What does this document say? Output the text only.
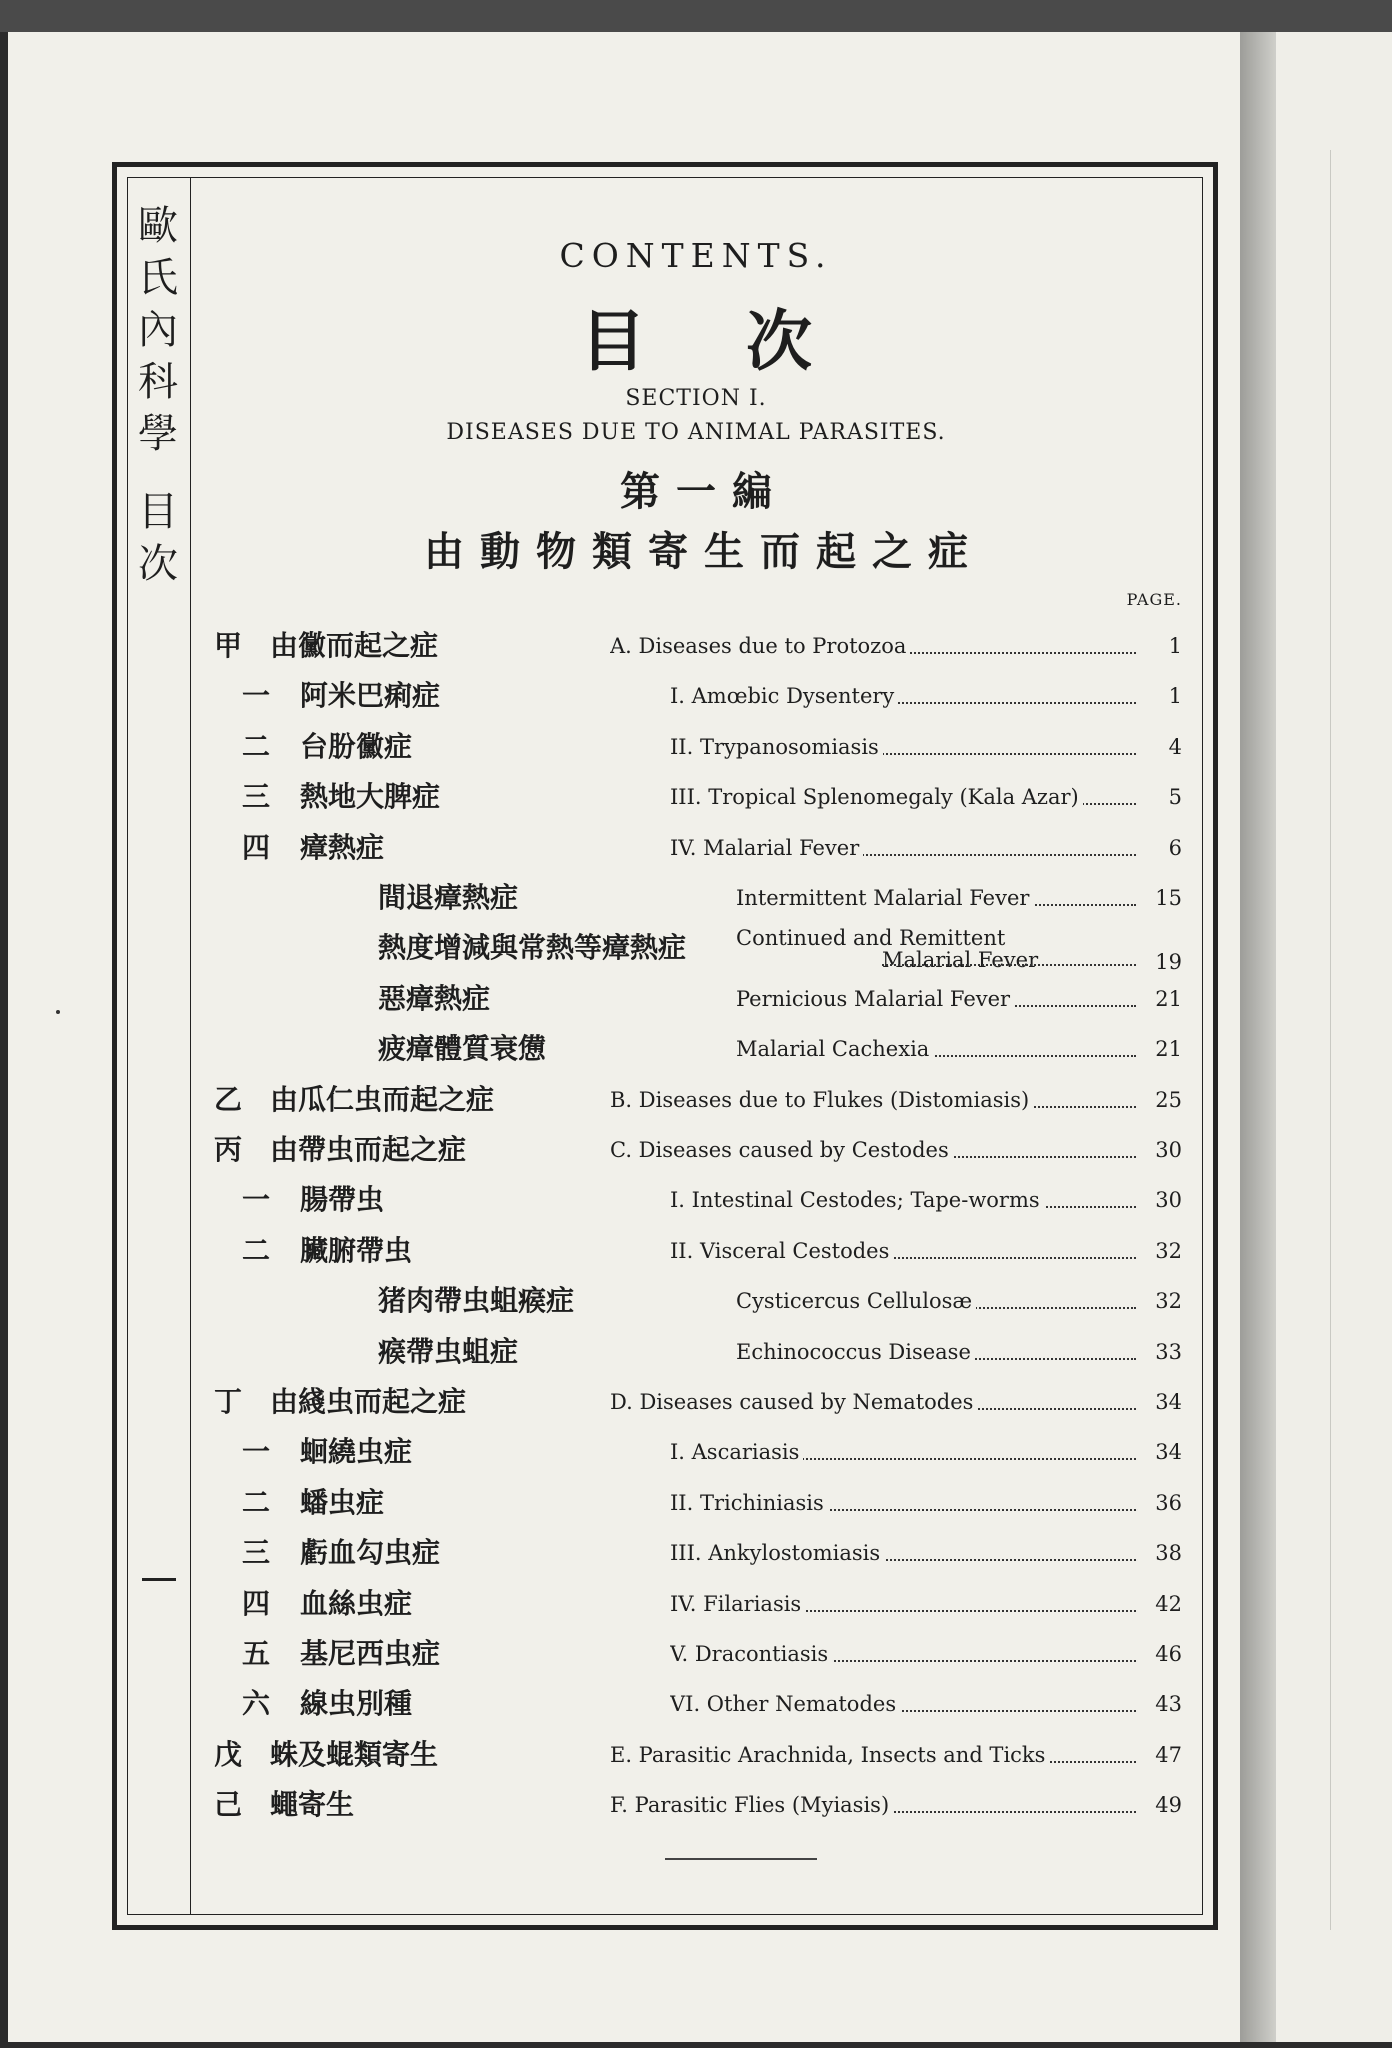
歐
氏
內
科
學
目
次
CONTENTS.
目次
SECTION I.
DISEASES DUE TO ANIMAL PARASITES.
第一編
由動物類寄生而起之症
PAGE.
甲 由黴而起之症	A. Diseases due to Protozoa	1
一 阿米巴痢症	I. Amœbic Dysentery	1
二 台朌黴症	II. Trypanosomiasis	4
三 熱地大脾症	III. Tropical Splenomegaly (Kala Azar)	5
四 瘴熱症	IV. Malarial Fever	6
間退瘴熱症	Intermittent Malarial Fever	15
熱度增減與常熱等瘴熱症 Continued and Remittent
Malarial Fever	19
惡瘴熱症	Pernicious Malarial Fever	21
疲瘴體質衰憊	Malarial Cachexia	21
乙 由瓜仁虫而起之症	B. Diseases due to Flukes (Distomiasis)	25
丙 由帶虫而起之症	C. Diseases caused by Cestodes	30
一 腸帶虫	I. Intestinal Cestodes; Tape-worms	30
二 臟腑帶虫	II. Visceral Cestodes	32
猪肉帶虫蛆瘊症	Cysticercus Cellulosæ	32
瘊帶虫蛆症	Echinococcus Disease	33
丁 由綫虫而起之症	D. Diseases caused by Nematodes	34
一 蛔繞虫症	I. Ascariasis	34
二 蟠虫症	II. Trichiniasis	36
三 虧血勾虫症	III. Ankylostomiasis	38
四 血絲虫症	IV. Filariasis	42
五 基尼西虫症	V. Dracontiasis	46
六 線虫別種	VI. Other Nematodes	43
戊 蛛及蜫類寄生	E. Parasitic Arachnida, Insects and Ticks	47
己 蠅寄生	F. Parasitic Flies (Myiasis)	49
